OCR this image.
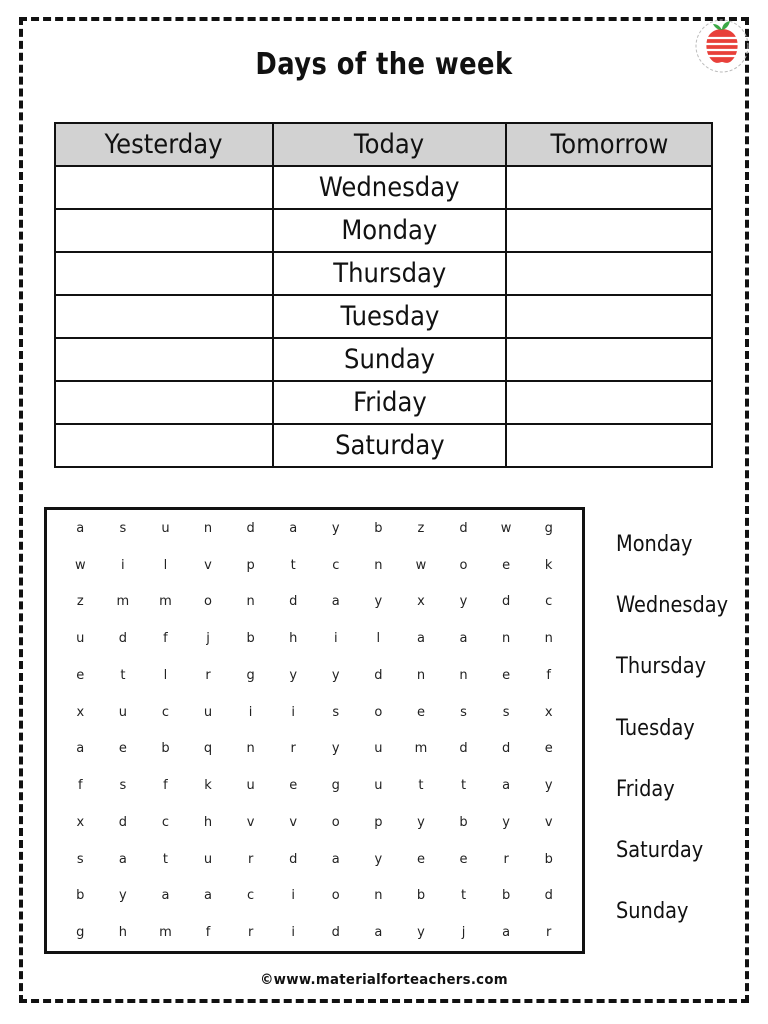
Days of the week
Yesterday	Today	Tomorrow
	Wednesday	
	Monday	
	Thursday	
	Tuesday	
	Sunday	
	Friday	
	Saturday	
a	s	u	n	d	a	y	b	z	d	w	g
w	i	l	v	p	t	c	n	w	o	e	k
z	m	m	o	n	d	a	y	x	y	d	c
u	d	f	j	b	h	i	l	a	a	n	n
e	t	l	r	g	y	y	d	n	n	e	f
x	u	c	u	i	i	s	o	e	s	s	x
a	e	b	q	n	r	y	u	m	d	d	e
f	s	f	k	u	e	g	u	t	t	a	y
x	d	c	h	v	v	o	p	y	b	y	v
s	a	t	u	r	d	a	y	e	e	r	b
b	y	a	a	c	i	o	n	b	t	b	d
g	h	m	f	r	i	d	a	y	j	a	r
Monday
Wednesday
Thursday
Tuesday
Friday
Saturday
Sunday
©www.materialforteachers.com
